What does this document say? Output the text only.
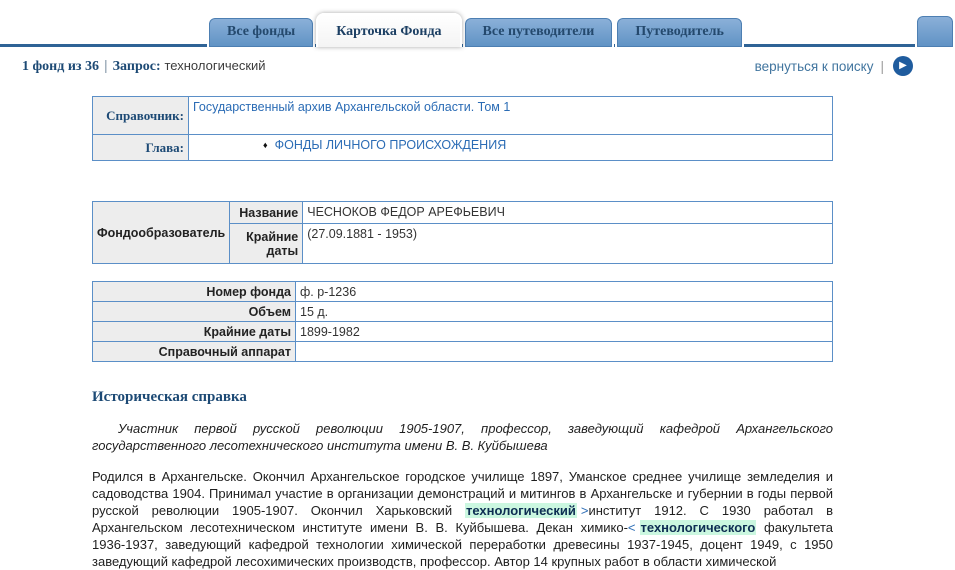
Все фонды	Карточка Фонда	Все путеводители	Путеводитель
1 фонд из 36 | Запрос: технологический	вернуться к поиску |	▶
Справочник:	Государственный архив Архангельской области. Том 1
Глава:	♦ ФОНДЫ ЛИЧНОГО ПРОИСХОЖДЕНИЯ
Фондообразователь	Название	ЧЕСНОКОВ ФЕДОР АРЕФЬЕВИЧ
	Крайние даты	(27.09.1881 - 1953)
Номер фонда	ф. р-1236
Объем	15 д.
Крайние даты	1899-1982
Справочный аппарат	
Историческая справка

Участник первой русской революции 1905-1907, профессор, заведующий кафедрой Архангельского государственного лесотехнического института имени В. В. Куйбышева

Родился в Архангельске. Окончил Архангельское городское училище 1897, Уманское среднее училище земледелия и садоводства 1904. Принимал участие в организации демонстраций и митингов в Архангельске и губернии в годы первой русской революции 1905-1907. Окончил Харьковский технологический >институт 1912. С 1930 работал в Архангельском лесотехническом институте имени В. В. Куйбышева. Декан химико-< технологического факультета 1936-1937, заведующий кафедрой технологии химической переработки древесины 1937-1945, доцент 1949, с 1950 заведующий кафедрой лесохимических производств, профессор. Автор 14 крупных работ в области химической
